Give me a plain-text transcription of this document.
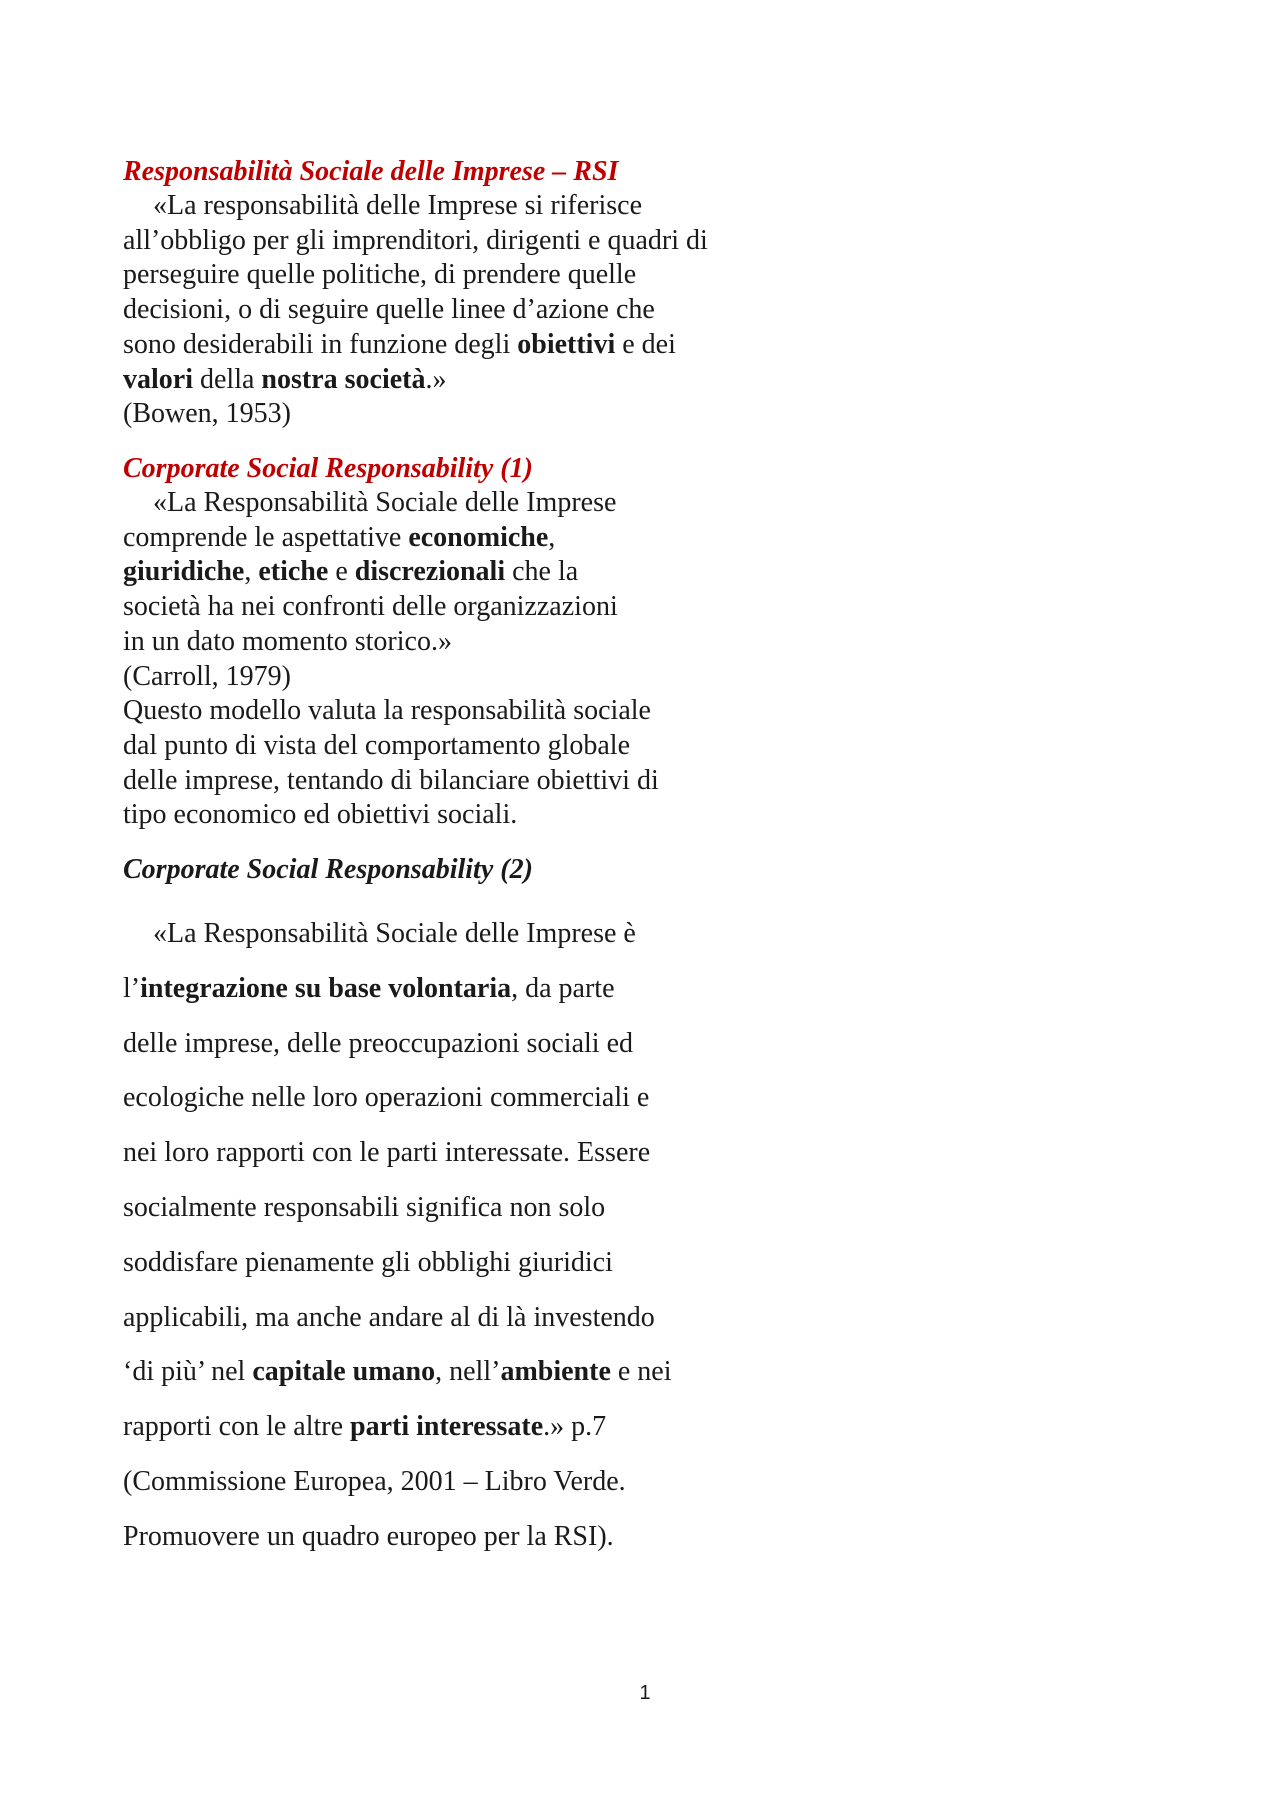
Responsabilità Sociale delle Imprese – RSI
«La responsabilità delle Imprese si riferisce
all’obbligo per gli imprenditori, dirigenti e quadri di
perseguire quelle politiche, di prendere quelle
decisioni, o di seguire quelle linee d’azione che
sono desiderabili in funzione degli obiettivi e dei
valori della nostra società.»
(Bowen, 1953)
Corporate Social Responsability (1)
«La Responsabilità Sociale delle Imprese
comprende le aspettative economiche,
giuridiche, etiche e discrezionali che la
società ha nei confronti delle organizzazioni
in un dato momento storico.»
(Carroll, 1979)
Questo modello valuta la responsabilità sociale
dal punto di vista del comportamento globale
delle imprese, tentando di bilanciare obiettivi di
tipo economico ed obiettivi sociali.
Corporate Social Responsability (2)
«La Responsabilità Sociale delle Imprese è
l’integrazione su base volontaria, da parte
delle imprese, delle preoccupazioni sociali ed
ecologiche nelle loro operazioni commerciali e
nei loro rapporti con le parti interessate. Essere
socialmente responsabili significa non solo
soddisfare pienamente gli obblighi giuridici
applicabili, ma anche andare al di là investendo
‘di più’ nel capitale umano, nell’ambiente e nei
rapporti con le altre parti interessate.» p.7
(Commissione Europea, 2001 – Libro Verde.
Promuovere un quadro europeo per la RSI).
1
